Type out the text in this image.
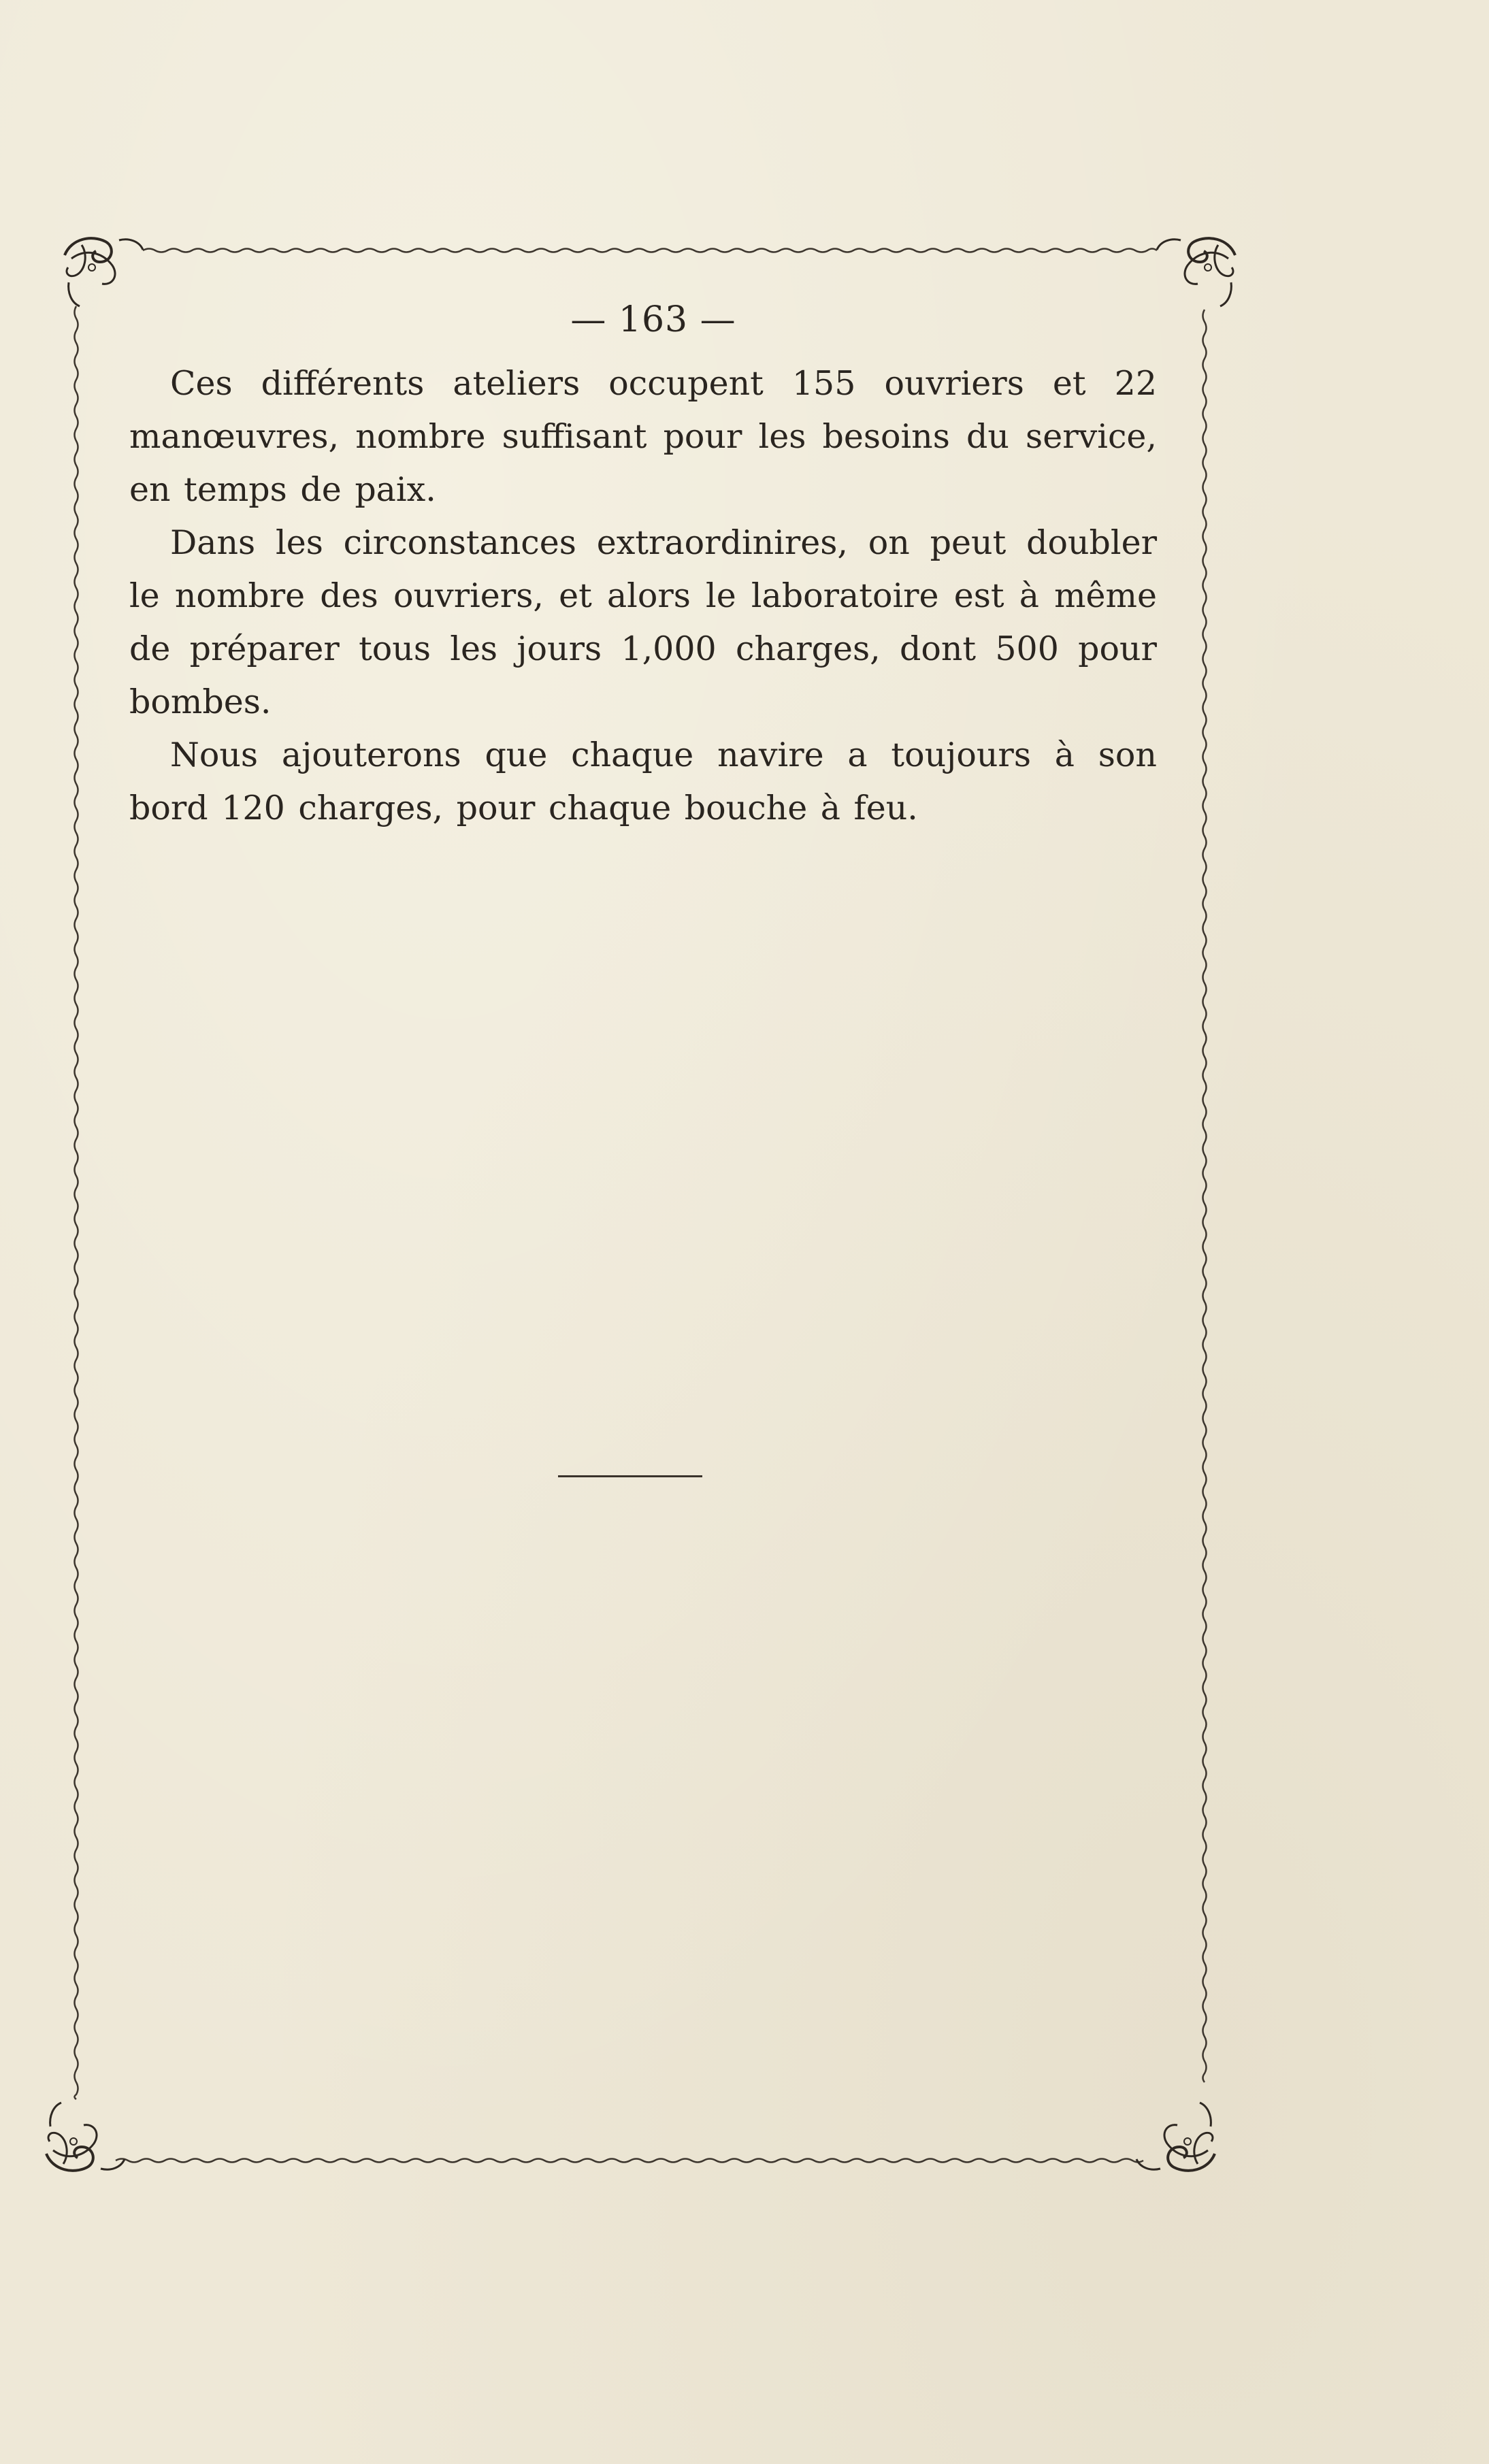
— 163 —

Ces différents ateliers occupent 155 ouvriers et 22 manœuvres, nombre suffisant pour les besoins du service, en temps de paix.

Dans les circonstances extraordinires, on peut doubler le nombre des ouvriers, et alors le laboratoire est à même de préparer tous les jours 1,000 charges, dont 500 pour bombes.

Nous ajouterons que chaque navire a toujours à son bord 120 charges, pour chaque bouche à feu.
